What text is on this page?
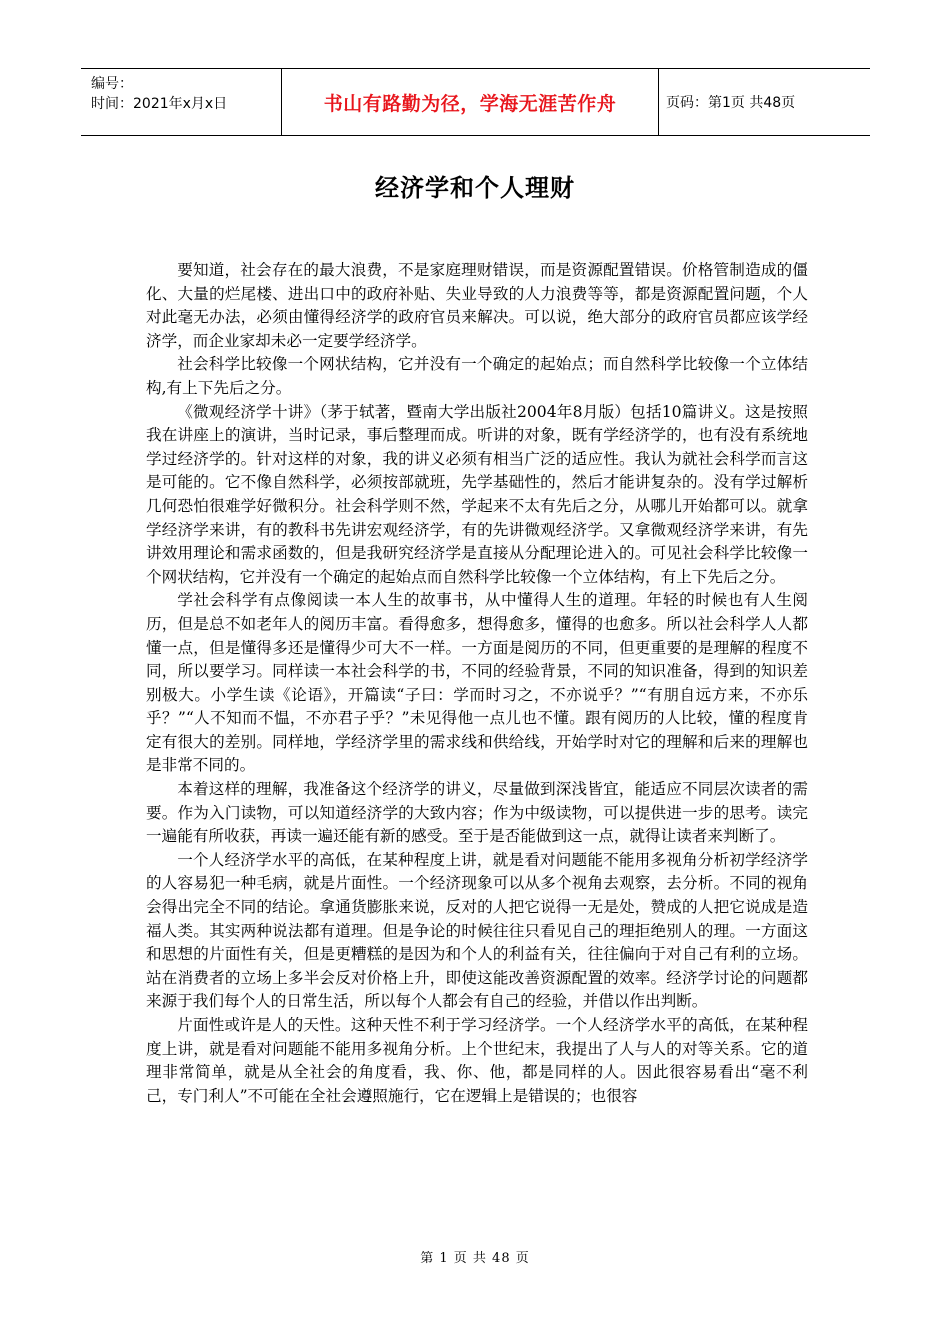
编号：
时间：2021年x月x日	书山有路勤为径，学海无涯苦作舟	页码：第1页 共48页
经济学和个人理财

要知道，社会存在的最大浪费，不是家庭理财错误，而是资源配置错误。价格管制造成的僵化、大量的烂尾楼、进出口中的政府补贴、失业导致的人力浪费等等，都是资源配置问题，个人对此毫无办法，必须由懂得经济学的政府官员来解决。可以说，绝大部分的政府官员都应该学经济学，而企业家却未必一定要学经济学。

社会科学比较像一个网状结构，它并没有一个确定的起始点；而自然科学比较像一个立体结构,有上下先后之分。

《微观经济学十讲》（茅于轼著，暨南大学出版社2004年8月版）包括10篇讲义。这是按照我在讲座上的演讲，当时记录，事后整理而成。听讲的对象，既有学经济学的，也有没有系统地学过经济学的。针对这样的对象，我的讲义必须有相当广泛的适应性。我认为就社会科学而言这是可能的。它不像自然科学，必须按部就班，先学基础性的，然后才能讲复杂的。没有学过解析几何恐怕很难学好微积分。社会科学则不然，学起来不太有先后之分，从哪儿开始都可以。就拿学经济学来讲，有的教科书先讲宏观经济学，有的先讲微观经济学。又拿微观经济学来讲，有先讲效用理论和需求函数的，但是我研究经济学是直接从分配理论进入的。可见社会科学比较像一个网状结构，它并没有一个确定的起始点而自然科学比较像一个立体结构，有上下先后之分。

学社会科学有点像阅读一本人生的故事书，从中懂得人生的道理。年轻的时候也有人生阅历，但是总不如老年人的阅历丰富。看得愈多，想得愈多，懂得的也愈多。所以社会科学人人都懂一点，但是懂得多还是懂得少可大不一样。一方面是阅历的不同，但更重要的是理解的程度不同，所以要学习。同样读一本社会科学的书，不同的经验背景，不同的知识准备，得到的知识差别极大。小学生读《论语》，开篇读“子曰：学而时习之，不亦说乎？”“有朋自远方来，不亦乐乎？”“人不知而不愠，不亦君子乎？”未见得他一点儿也不懂。跟有阅历的人比较，懂的程度肯定有很大的差别。同样地，学经济学里的需求线和供给线，开始学时对它的理解和后来的理解也是非常不同的。

本着这样的理解，我准备这个经济学的讲义，尽量做到深浅皆宜，能适应不同层次读者的需要。作为入门读物，可以知道经济学的大致内容；作为中级读物，可以提供进一步的思考。读完一遍能有所收获，再读一遍还能有新的感受。至于是否能做到这一点，就得让读者来判断了。

一个人经济学水平的高低，在某种程度上讲，就是看对问题能不能用多视角分析初学经济学的人容易犯一种毛病，就是片面性。一个经济现象可以从多个视角去观察，去分析。不同的视角会得出完全不同的结论。拿通货膨胀来说，反对的人把它说得一无是处，赞成的人把它说成是造福人类。其实两种说法都有道理。但是争论的时候往往只看见自己的理拒绝别人的理。一方面这和思想的片面性有关，但是更糟糕的是因为和个人的利益有关，往往偏向于对自己有利的立场。站在消费者的立场上多半会反对价格上升，即使这能改善资源配置的效率。经济学讨论的问题都来源于我们每个人的日常生活，所以每个人都会有自己的经验，并借以作出判断。

片面性或许是人的天性。这种天性不利于学习经济学。一个人经济学水平的高低，在某种程度上讲，就是看对问题能不能用多视角分析。上个世纪末，我提出了人与人的对等关系。它的道理非常简单，就是从全社会的角度看，我、你、他，都是同样的人。因此很容易看出“毫不利己，专门利人”不可能在全社会遵照施行，它在逻辑上是错误的；也很容

第 1 页 共 48 页
